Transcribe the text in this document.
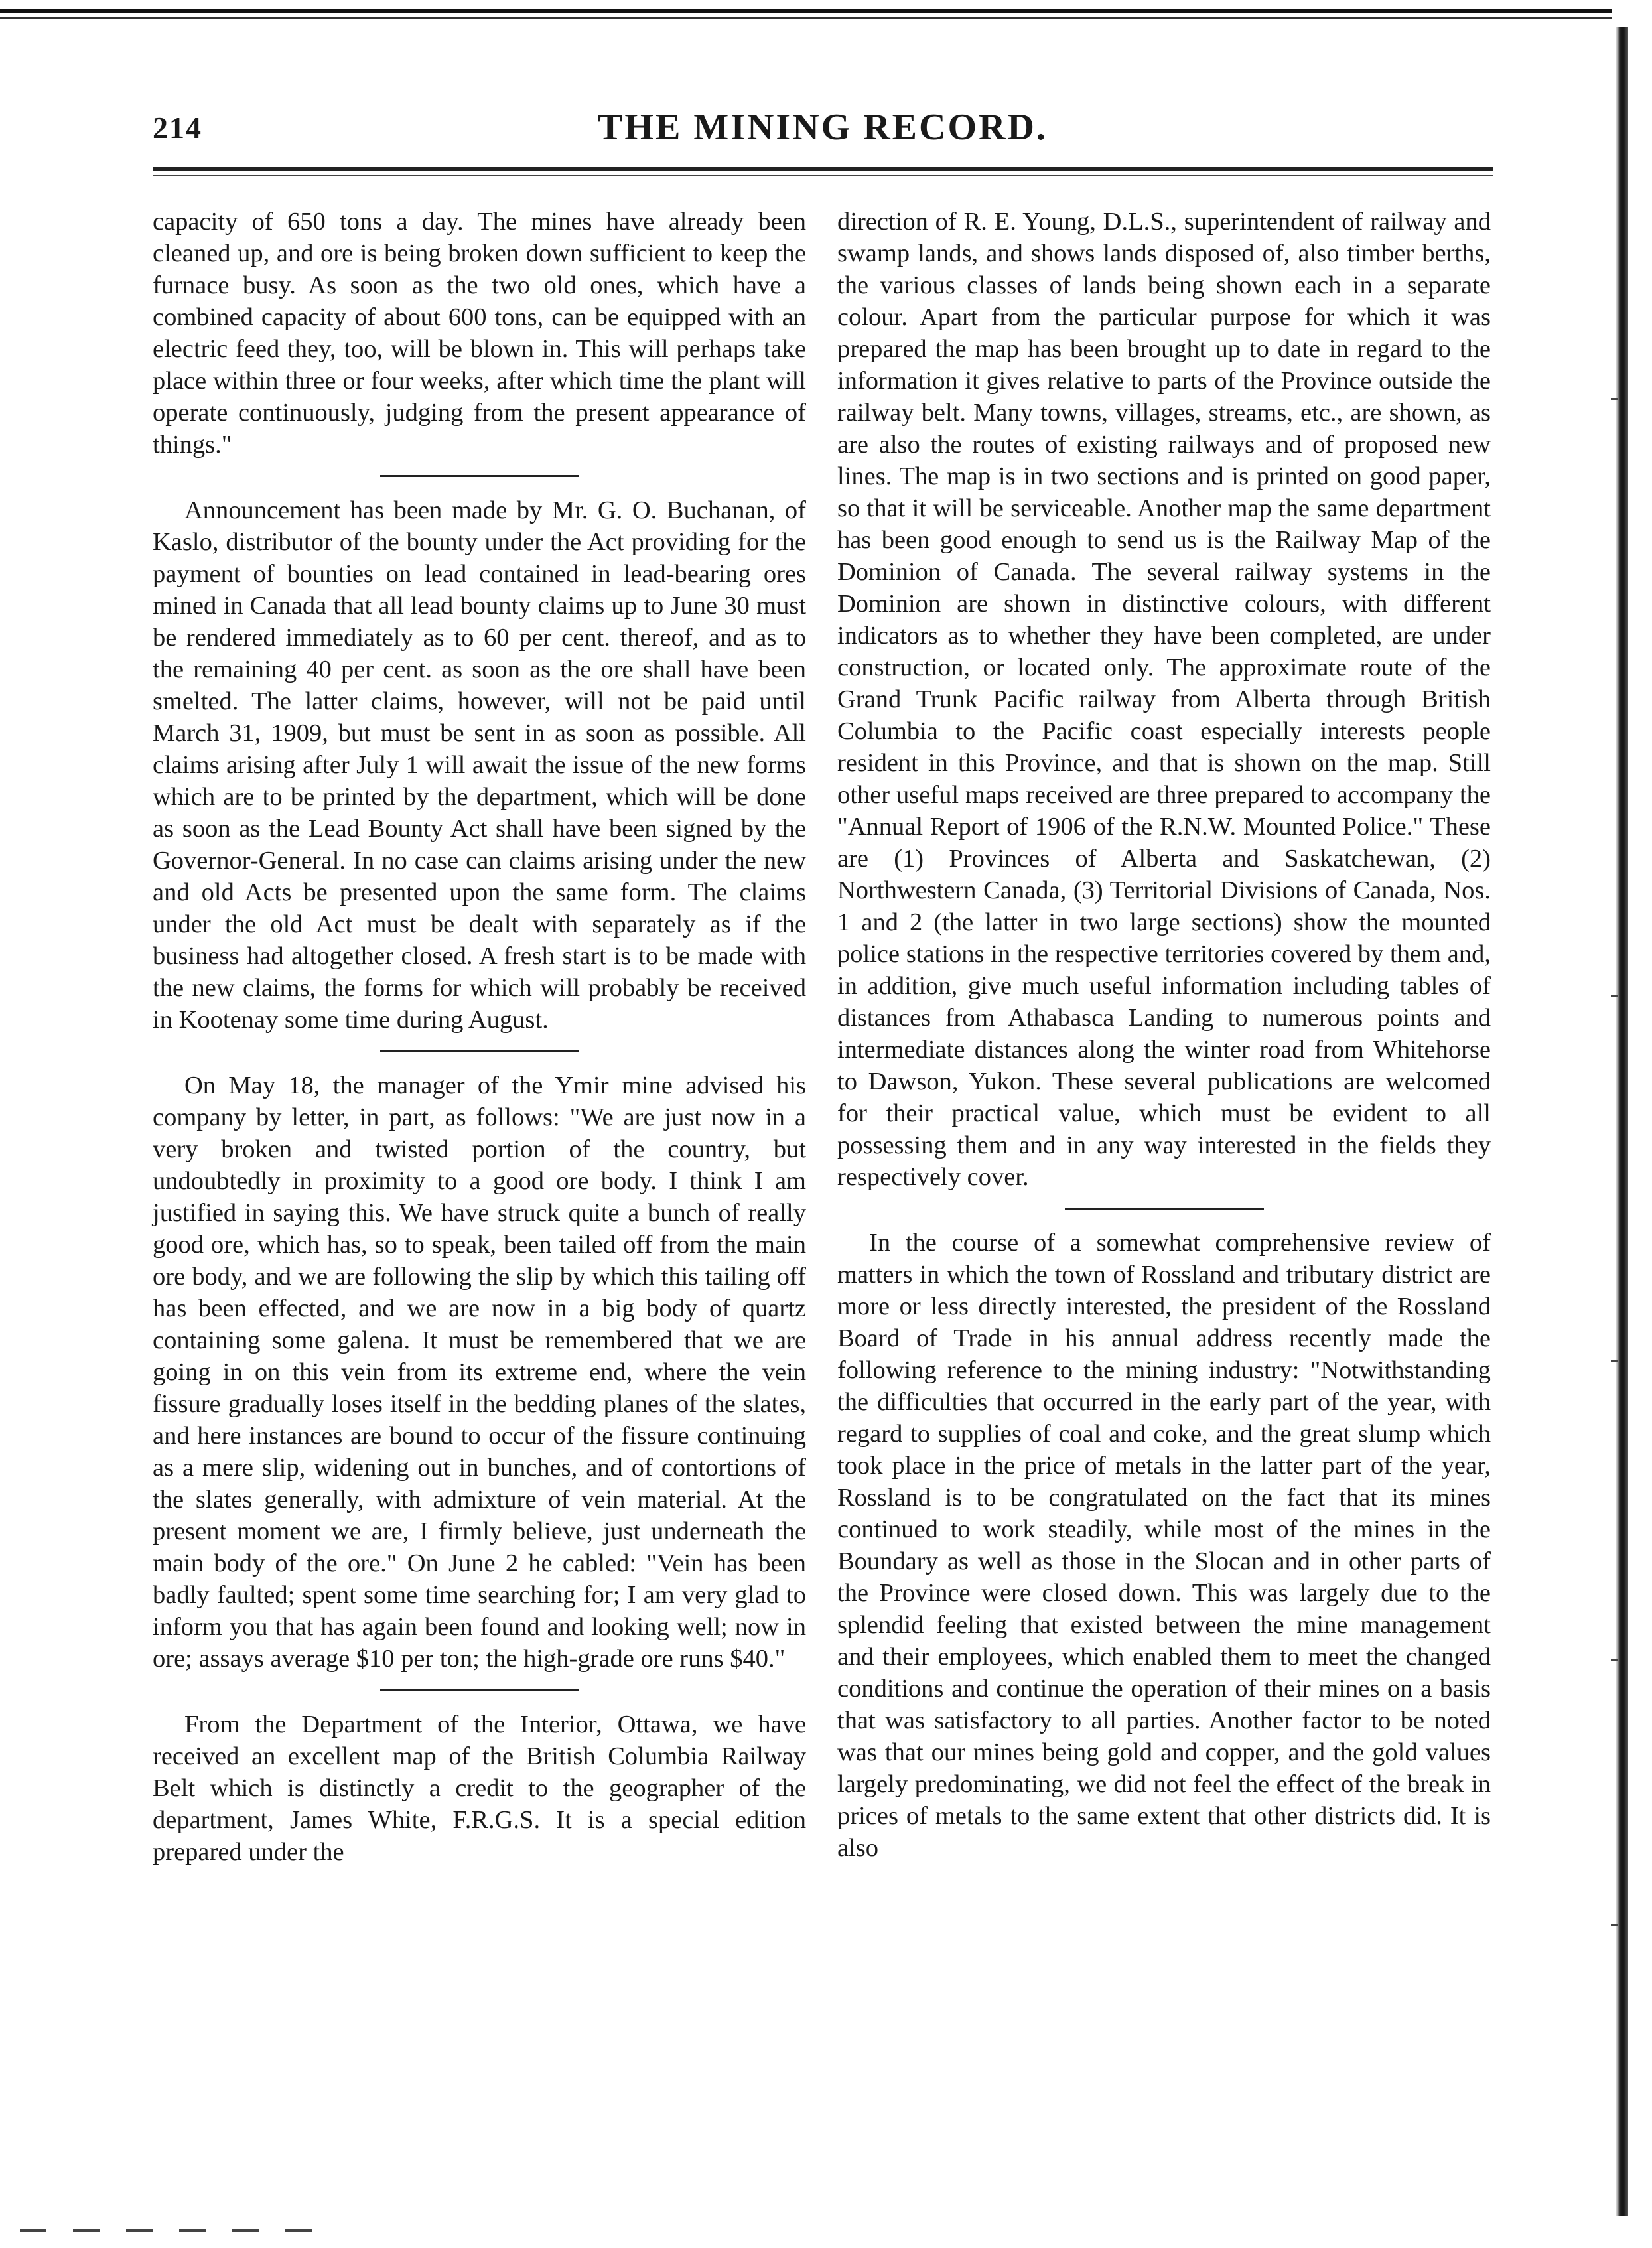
214	THE MINING RECORD.

capacity of 650 tons a day. The mines have already been cleaned up, and ore is being broken down sufficient to keep the furnace busy. As soon as the two old ones, which have a combined capacity of about 600 tons, can be equipped with an electric feed they, too, will be blown in. This will perhaps take place within three or four weeks, after which time the plant will operate continuously, judging from the present appearance of things."

Announcement has been made by Mr. G. O. Buchanan, of Kaslo, distributor of the bounty under the Act providing for the payment of bounties on lead contained in lead-bearing ores mined in Canada that all lead bounty claims up to June 30 must be rendered immediately as to 60 per cent. thereof, and as to the remaining 40 per cent. as soon as the ore shall have been smelted. The latter claims, however, will not be paid until March 31, 1909, but must be sent in as soon as possible. All claims arising after July 1 will await the issue of the new forms which are to be printed by the department, which will be done as soon as the Lead Bounty Act shall have been signed by the Governor-General. In no case can claims arising under the new and old Acts be presented upon the same form. The claims under the old Act must be dealt with separately as if the business had altogether closed. A fresh start is to be made with the new claims, the forms for which will probably be received in Kootenay some time during August.

On May 18, the manager of the Ymir mine advised his company by letter, in part, as follows: "We are just now in a very broken and twisted portion of the country, but undoubtedly in proximity to a good ore body. I think I am justified in saying this. We have struck quite a bunch of really good ore, which has, so to speak, been tailed off from the main ore body, and we are following the slip by which this tailing off has been effected, and we are now in a big body of quartz containing some galena. It must be remembered that we are going in on this vein from its extreme end, where the vein fissure gradually loses itself in the bedding planes of the slates, and here instances are bound to occur of the fissure continuing as a mere slip, widening out in bunches, and of contortions of the slates generally, with admixture of vein material. At the present moment we are, I firmly believe, just underneath the main body of the ore." On June 2 he cabled: "Vein has been badly faulted; spent some time searching for; I am very glad to inform you that has again been found and looking well; now in ore; assays average $10 per ton; the high-grade ore runs $40."

From the Department of the Interior, Ottawa, we have received an excellent map of the British Columbia Railway Belt which is distinctly a credit to the geographer of the department, James White, F.R.G.S. It is a special edition prepared under the

direction of R. E. Young, D.L.S., superintendent of railway and swamp lands, and shows lands disposed of, also timber berths, the various classes of lands being shown each in a separate colour. Apart from the particular purpose for which it was prepared the map has been brought up to date in regard to the information it gives relative to parts of the Province outside the railway belt. Many towns, villages, streams, etc., are shown, as are also the routes of existing railways and of proposed new lines. The map is in two sections and is printed on good paper, so that it will be serviceable. Another map the same department has been good enough to send us is the Railway Map of the Dominion of Canada. The several railway systems in the Dominion are shown in distinctive colours, with different indicators as to whether they have been completed, are under construction, or located only. The approximate route of the Grand Trunk Pacific railway from Alberta through British Columbia to the Pacific coast especially interests people resident in this Province, and that is shown on the map. Still other useful maps received are three prepared to accompany the "Annual Report of 1906 of the R.N.W. Mounted Police." These are (1) Provinces of Alberta and Saskatchewan, (2) Northwestern Canada, (3) Territorial Divisions of Canada, Nos. 1 and 2 (the latter in two large sections) show the mounted police stations in the respective territories covered by them and, in addition, give much useful information including tables of distances from Athabasca Landing to numerous points and intermediate distances along the winter road from Whitehorse to Dawson, Yukon. These several publications are welcomed for their practical value, which must be evident to all possessing them and in any way interested in the fields they respectively cover.

In the course of a somewhat comprehensive review of matters in which the town of Rossland and tributary district are more or less directly interested, the president of the Rossland Board of Trade in his annual address recently made the following reference to the mining industry: "Notwithstanding the difficulties that occurred in the early part of the year, with regard to supplies of coal and coke, and the great slump which took place in the price of metals in the latter part of the year, Rossland is to be congratulated on the fact that its mines continued to work steadily, while most of the mines in the Boundary as well as those in the Slocan and in other parts of the Province were closed down. This was largely due to the splendid feeling that existed between the mine management and their employees, which enabled them to meet the changed conditions and continue the operation of their mines on a basis that was satisfactory to all parties. Another factor to be noted was that our mines being gold and copper, and the gold values largely predominating, we did not feel the effect of the break in prices of metals to the same extent that other districts did. It is also
